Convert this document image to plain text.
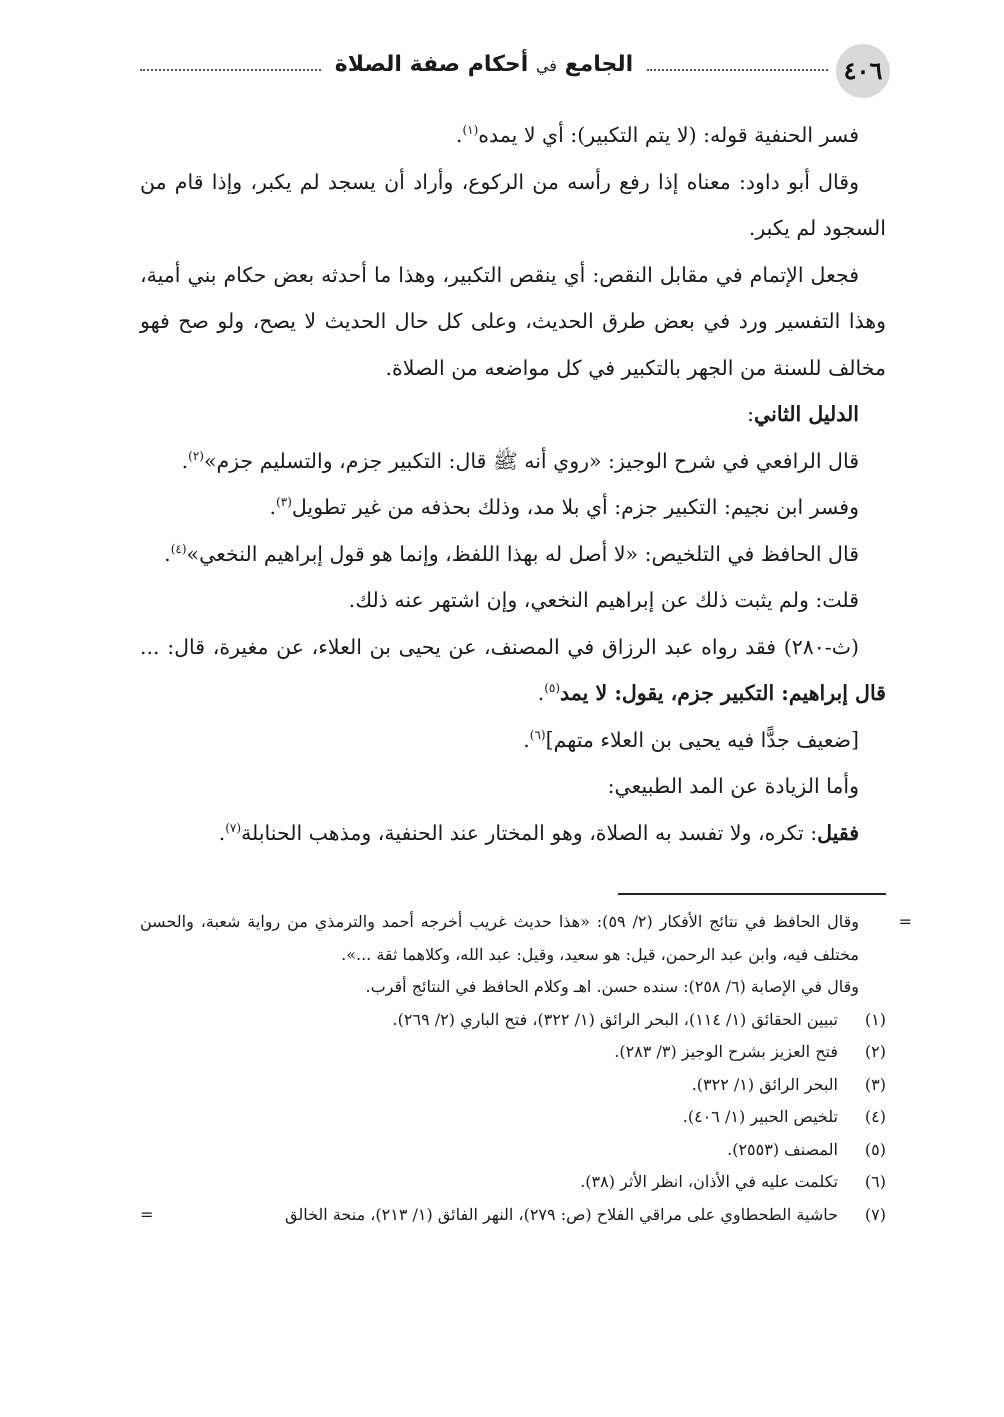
٤٠٦
الجامع في أحكام صفة الصلاة

فسر الحنفية قوله: (لا يتم التكبير): أي لا يمده$^{(١)}$.

وقال أبو داود: معناه إذا رفع رأسه من الركوع، وأراد أن يسجد لم يكبر، وإذا قام من السجود لم يكبر.

فجعل الإتمام في مقابل النقص: أي ينقص التكبير، وهذا ما أحدثه بعض حكام بني أمية، وهذا التفسير ورد في بعض طرق الحديث، وعلى كل حال الحديث لا يصح، ولو صح فهو مخالف للسنة من الجهر بالتكبير في كل مواضعه من الصلاة.

الدليل الثاني:

قال الرافعي في شرح الوجيز: «روي أنه ﷺ قال: التكبير جزم، والتسليم جزم»$^{(٢)}$.

وفسر ابن نجيم: التكبير جزم: أي بلا مد، وذلك بحذفه من غير تطويل$^{(٣)}$.

قال الحافظ في التلخيص: «لا أصل له بهذا اللفظ، وإنما هو قول إبراهيم النخعي»$^{(٤)}$.

قلت: ولم يثبت ذلك عن إبراهيم النخعي، وإن اشتهر عنه ذلك.

(ث-٢٨٠) فقد رواه عبد الرزاق في المصنف، عن يحيى بن العلاء، عن مغيرة، قال: ... قال إبراهيم: التكبير جزم، يقول: لا يمد$^{(٥)}$.

[ضعيف جدًّا فيه يحيى بن العلاء متهم]$^{(٦)}$.

وأما الزيادة عن المد الطبيعي:

فقيل: تكره، ولا تفسد به الصلاة، وهو المختار عند الحنفية، ومذهب الحنابلة$^{(٧)}$.

=
وقال الحافظ في نتائج الأفكار (٢/ ٥٩): «هذا حديث غريب أخرجه أحمد والترمذي من رواية شعبة، والحسن مختلف فيه، وابن عبد الرحمن، قيل: هو سعيد، وقيل: عبد الله، وكلاهما ثقة ...».
وقال في الإصابة (٦/ ٢٥٨): سنده حسن. اهـ وكلام الحافظ في النتائج أقرب.
(١)
تبيين الحقائق (١/ ١١٤)، البحر الرائق (١/ ٣٢٢)، فتح الباري (٢/ ٢٦٩).
(٢)
فتح العزيز بشرح الوجيز (٣/ ٢٨٣).
(٣)
البحر الرائق (١/ ٣٢٢).
(٤)
تلخيص الحبير (١/ ٤٠٦).
(٥)
المصنف (٢٥٥٣).
(٦)
تكلمت عليه في الأذان، انظر الأثر (٣٨).
(٧)
حاشية الطحطاوي على مراقي الفلاح (ص: ٢٧٩)، النهر الفائق (١/ ٢١٣)، منحة الخالق
=
